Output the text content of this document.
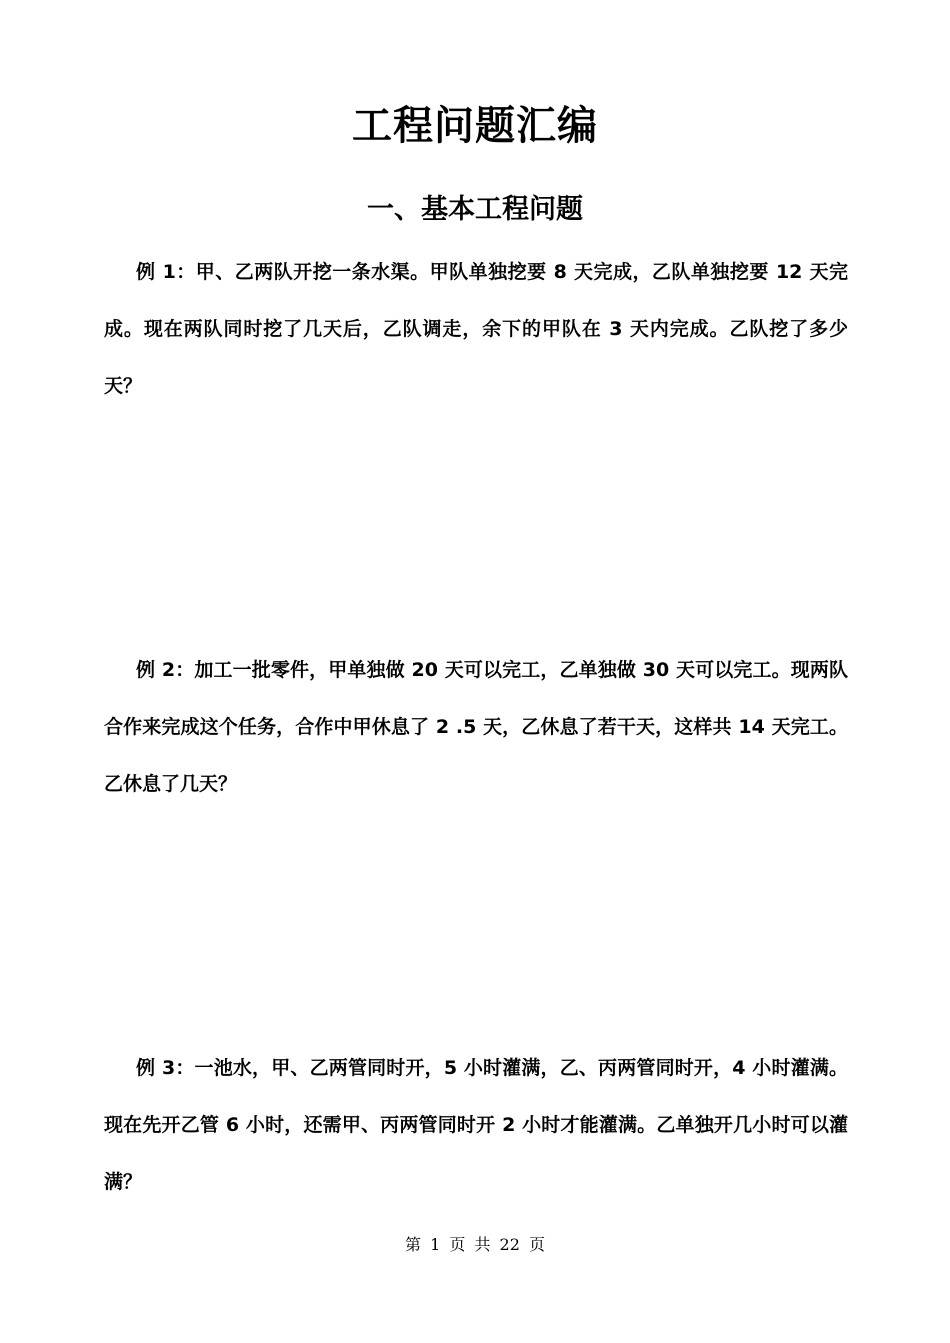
工程问题汇编
一、基本工程问题
例 1：甲、乙两队开挖一条水渠。甲队单独挖要 8 天完成，乙队单独挖要 12 天完成。现在两队同时挖了几天后，乙队调走，余下的甲队在 3 天内完成。乙队挖了多少天？
例 2：加工一批零件，甲单独做 20 天可以完工，乙单独做 30 天可以完工。现两队合作来完成这个任务，合作中甲休息了 2 .5 天，乙休息了若干天，这样共 14 天完工。乙休息了几天？
例 3：一池水，甲、乙两管同时开，5 小时灌满，乙、丙两管同时开，4 小时灌满。现在先开乙管 6 小时，还需甲、丙两管同时开 2 小时才能灌满。乙单独开几小时可以灌满？
第 1 页 共 22 页
